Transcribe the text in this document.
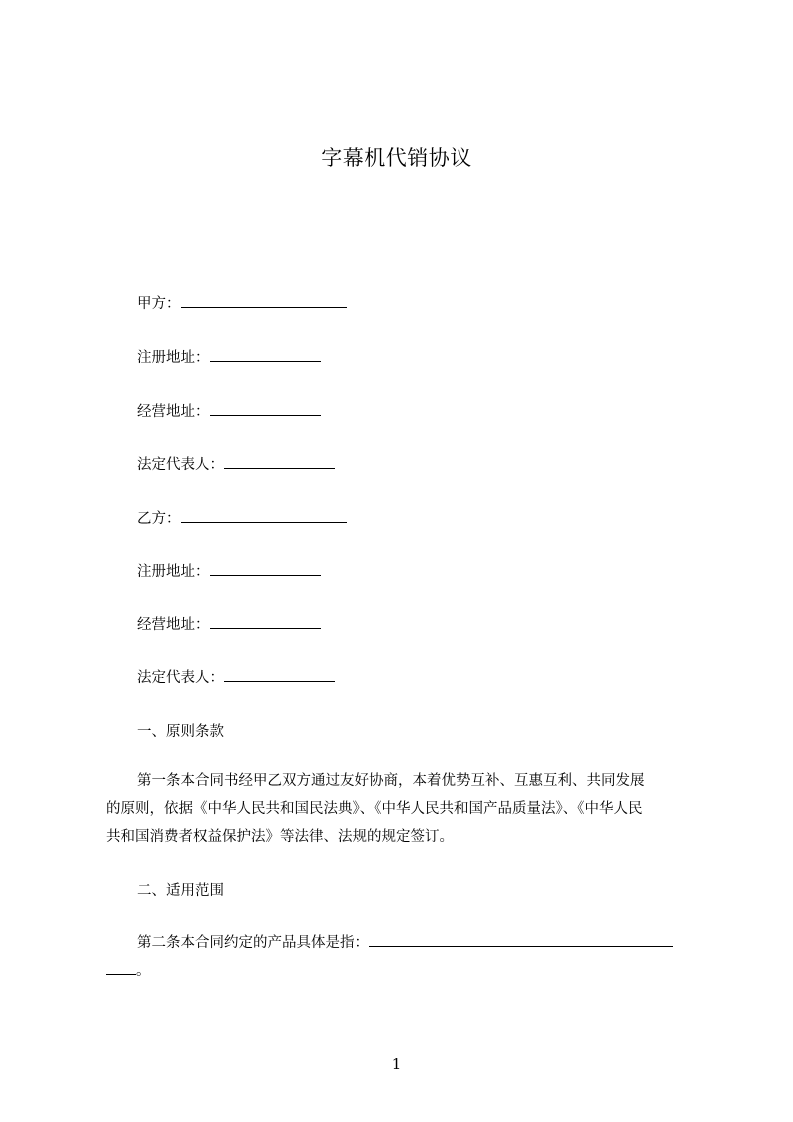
字幕机代销协议
甲方：
注册地址：
经营地址：
法定代表人：
乙方：
注册地址：
经营地址：
法定代表人：
一、原则条款
第一条本合同书经甲乙双方通过友好协商，本着优势互补、互惠互利、共同发展
的原则，依据《中华人民共和国民法典》、《中华人民共和国产品质量法》、《中华人民
共和国消费者权益保护法》等法律、法规的规定签订。
二、适用范围
第二条本合同约定的产品具体是指：
。
1
